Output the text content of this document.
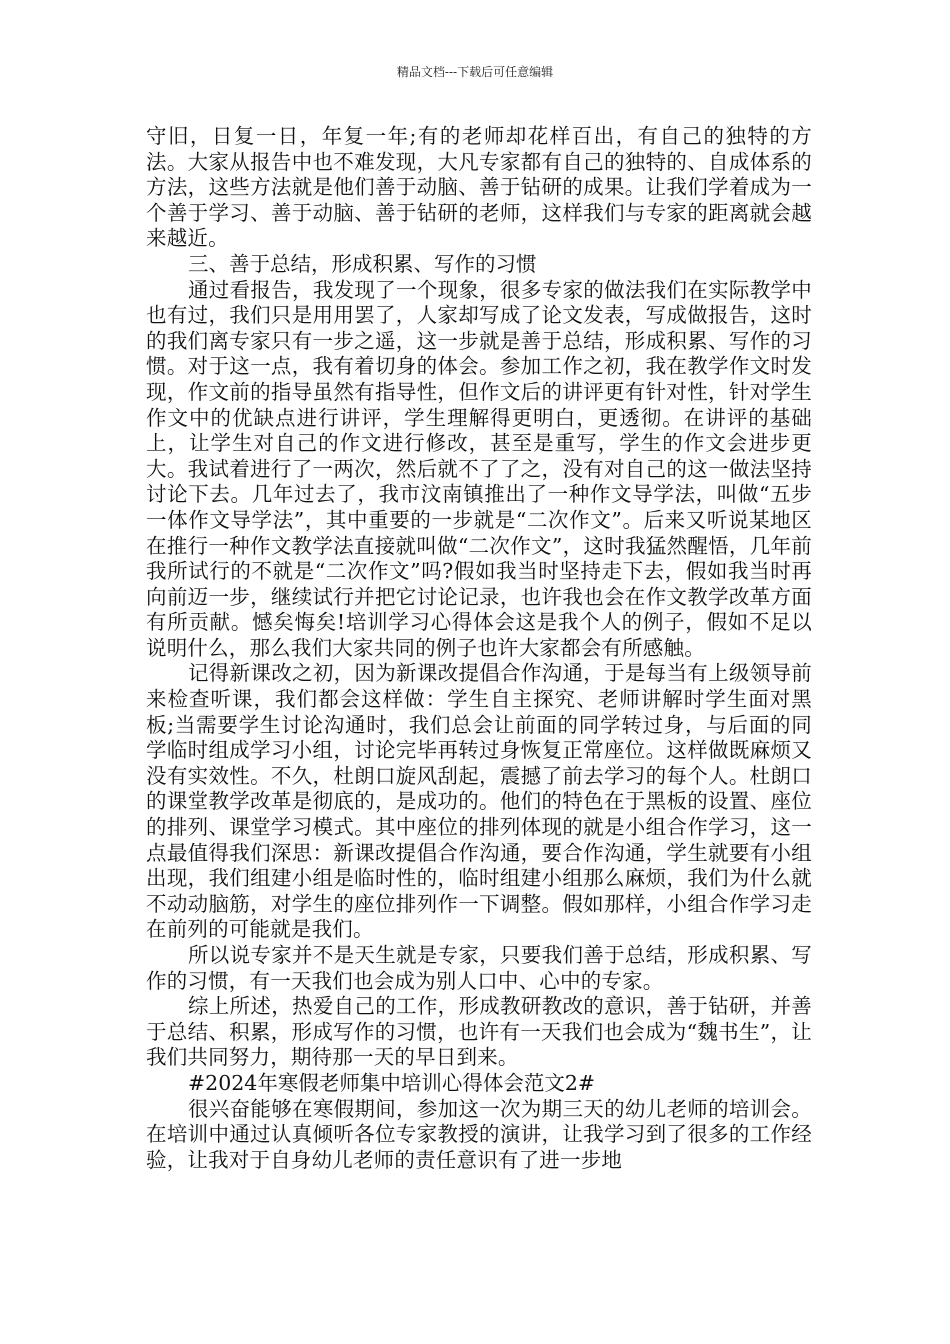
精品文档---下载后可任意编辑

守旧，日复一日，年复一年;有的老师却花样百出，有自己的独特的方法。大家从报告中也不难发现，大凡专家都有自己的独特的、自成体系的方法，这些方法就是他们善于动脑、善于钻研的成果。让我们学着成为一个善于学习、善于动脑、善于钻研的老师，这样我们与专家的距离就会越来越近。

三、善于总结，形成积累、写作的习惯

通过看报告，我发现了一个现象，很多专家的做法我们在实际教学中也有过，我们只是用用罢了，人家却写成了论文发表，写成做报告，这时的我们离专家只有一步之遥，这一步就是善于总结，形成积累、写作的习惯。对于这一点，我有着切身的体会。参加工作之初，我在教学作文时发现，作文前的指导虽然有指导性，但作文后的讲评更有针对性，针对学生作文中的优缺点进行讲评，学生理解得更明白，更透彻。在讲评的基础上，让学生对自己的作文进行修改，甚至是重写，学生的作文会进步更大。我试着进行了一两次，然后就不了了之，没有对自己的这一做法坚持讨论下去。几年过去了，我市汶南镇推出了一种作文导学法，叫做“五步一体作文导学法”，其中重要的一步就是“二次作文”。后来又听说某地区在推行一种作文教学法直接就叫做“二次作文”，这时我猛然醒悟，几年前我所试行的不就是“二次作文”吗?假如我当时坚持走下去，假如我当时再向前迈一步，继续试行并把它讨论记录，也许我也会在作文教学改革方面有所贡献。憾矣悔矣!培训学习心得体会这是我个人的例子，假如不足以说明什么，那么我们大家共同的例子也许大家都会有所感触。

记得新课改之初，因为新课改提倡合作沟通，于是每当有上级领导前来检查听课，我们都会这样做：学生自主探究、老师讲解时学生面对黑板;当需要学生讨论沟通时，我们总会让前面的同学转过身，与后面的同学临时组成学习小组，讨论完毕再转过身恢复正常座位。这样做既麻烦又没有实效性。不久，杜朗口旋风刮起，震撼了前去学习的每个人。杜朗口的课堂教学改革是彻底的，是成功的。他们的特色在于黑板的设置、座位的排列、课堂学习模式。其中座位的排列体现的就是小组合作学习，这一点最值得我们深思：新课改提倡合作沟通，要合作沟通，学生就要有小组出现，我们组建小组是临时性的，临时组建小组那么麻烦，我们为什么就不动动脑筋，对学生的座位排列作一下调整。假如那样，小组合作学习走在前列的可能就是我们。

所以说专家并不是天生就是专家，只要我们善于总结，形成积累、写作的习惯，有一天我们也会成为别人口中、心中的专家。

综上所述，热爱自己的工作，形成教研教改的意识，善于钻研，并善于总结、积累，形成写作的习惯，也许有一天我们也会成为“魏书生”，让我们共同努力，期待那一天的早日到来。

#2024年寒假老师集中培训心得体会范文2#

很兴奋能够在寒假期间，参加这一次为期三天的幼儿老师的培训会。在培训中通过认真倾听各位专家教授的演讲，让我学习到了很多的工作经验，让我对于自身幼儿老师的责任意识有了进一步地
